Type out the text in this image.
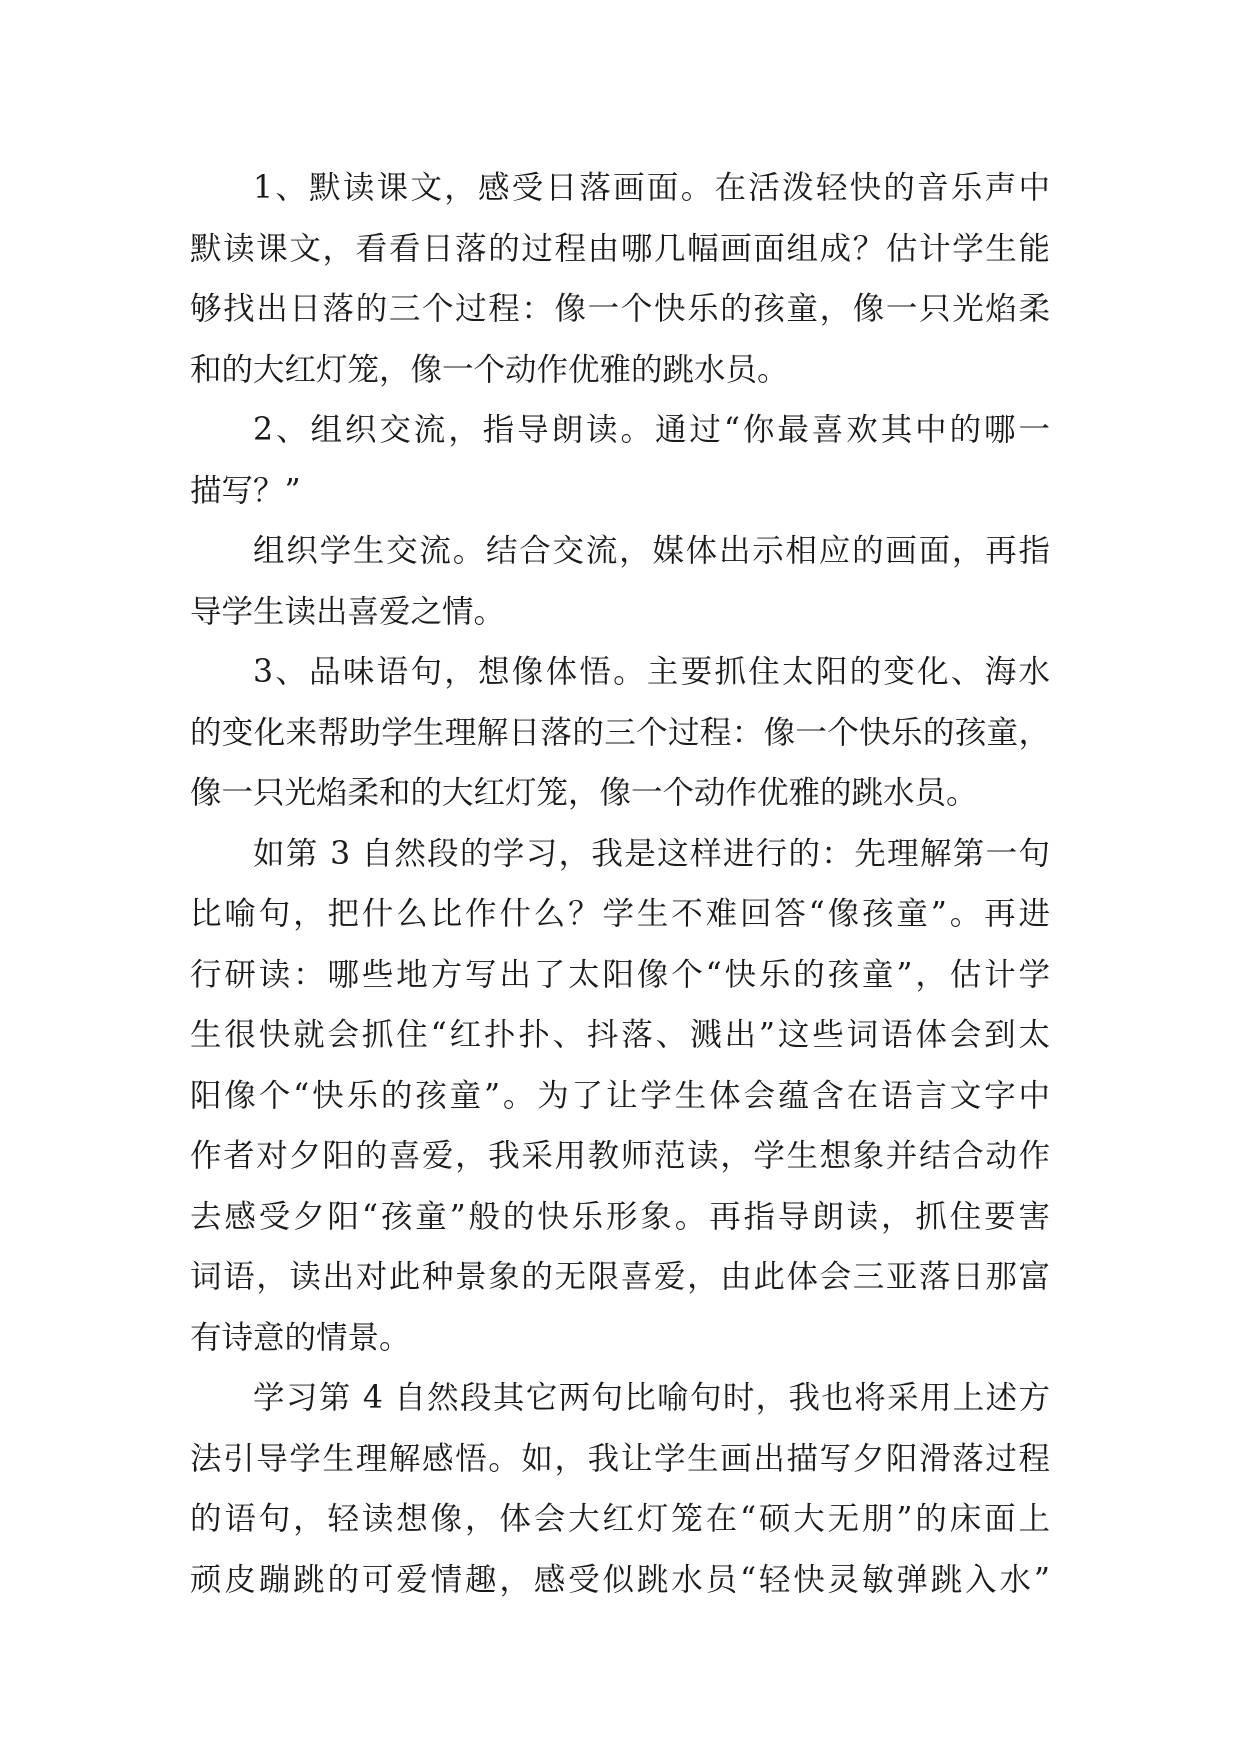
1、默读课文，感受日落画面。在活泼轻快的音乐声中
默读课文，看看日落的过程由哪几幅画面组成？估计学生能
够找出日落的三个过程：像一个快乐的孩童，像一只光焰柔
和的大红灯笼，像一个动作优雅的跳水员。
2、组织交流，指导朗读。通过“你最喜欢其中的哪一
描写？”
组织学生交流。结合交流，媒体出示相应的画面，再指
导学生读出喜爱之情。
3、品味语句，想像体悟。主要抓住太阳的变化、海水
的变化来帮助学生理解日落的三个过程：像一个快乐的孩童，
像一只光焰柔和的大红灯笼，像一个动作优雅的跳水员。
如第 3 自然段的学习，我是这样进行的：先理解第一句
比喻句，把什么比作什么？学生不难回答“像孩童”。再进
行研读：哪些地方写出了太阳像个“快乐的孩童”，估计学
生很快就会抓住“红扑扑、抖落、溅出”这些词语体会到太
阳像个“快乐的孩童”。为了让学生体会蕴含在语言文字中
作者对夕阳的喜爱，我采用教师范读，学生想象并结合动作
去感受夕阳“孩童”般的快乐形象。再指导朗读，抓住要害
词语，读出对此种景象的无限喜爱，由此体会三亚落日那富
有诗意的情景。
学习第 4 自然段其它两句比喻句时，我也将采用上述方
法引导学生理解感悟。如，我让学生画出描写夕阳滑落过程
的语句，轻读想像，体会大红灯笼在“硕大无朋”的床面上
顽皮蹦跳的可爱情趣，感受似跳水员“轻快灵敏弹跳入水”
